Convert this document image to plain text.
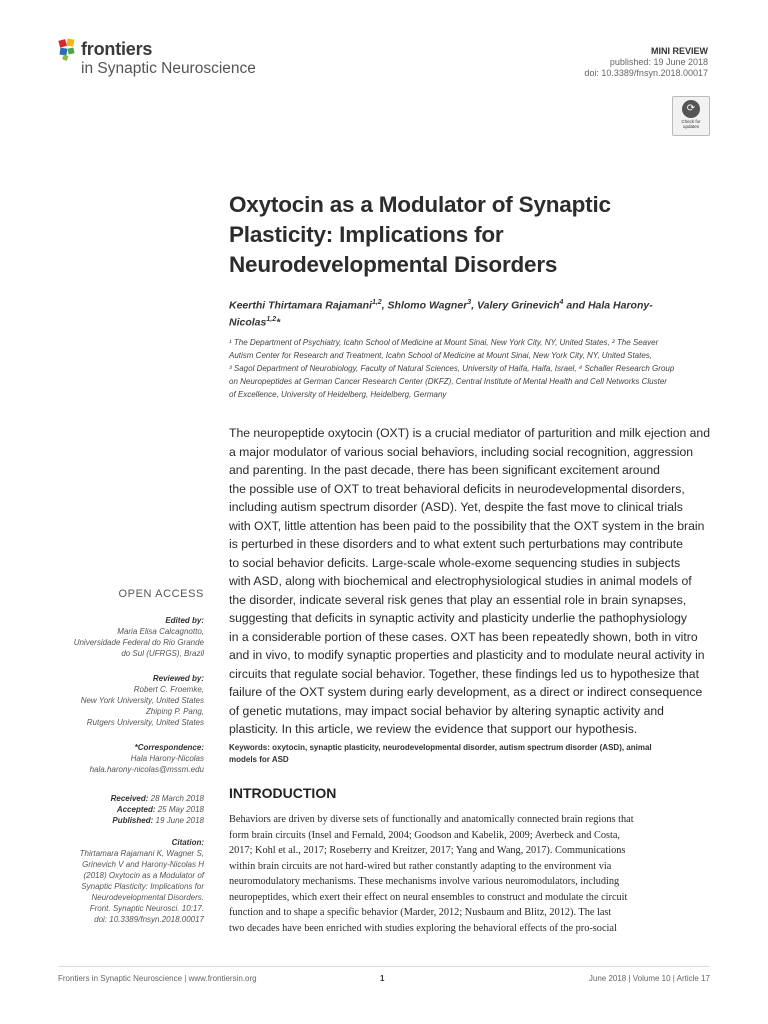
frontiers
in Synaptic Neuroscience
MINI REVIEW
published: 19 June 2018
doi: 10.3389/fnsyn.2018.00017
⟳
Check for updates
Oxytocin as a Modulator of Synaptic
Plasticity: Implications for
Neurodevelopmental Disorders
Keerthi Thirtamara Rajamani$^{1,2}$, Shlomo Wagner$^3$, Valery Grinevich$^4$ and Hala Harony-Nicolas$^{1,2}$*
¹ The Department of Psychiatry, Icahn School of Medicine at Mount Sinai, New York City, NY, United States, ² The Seaver
Autism Center for Research and Treatment, Icahn School of Medicine at Mount Sinai, New York City, NY, United States,
³ Sagol Department of Neurobiology, Faculty of Natural Sciences, University of Haifa, Haifa, Israel, ⁴ Schaller Research Group
on Neuropeptides at German Cancer Research Center (DKFZ), Central Institute of Mental Health and Cell Networks Cluster
of Excellence, University of Heidelberg, Heidelberg, Germany
The neuropeptide oxytocin (OXT) is a crucial mediator of parturition and milk ejection and
a major modulator of various social behaviors, including social recognition, aggression
and parenting. In the past decade, there has been significant excitement around
the possible use of OXT to treat behavioral deficits in neurodevelopmental disorders,
including autism spectrum disorder (ASD). Yet, despite the fast move to clinical trials
with OXT, little attention has been paid to the possibility that the OXT system in the brain
is perturbed in these disorders and to what extent such perturbations may contribute
to social behavior deficits. Large-scale whole-exome sequencing studies in subjects
with ASD, along with biochemical and electrophysiological studies in animal models of
the disorder, indicate several risk genes that play an essential role in brain synapses,
suggesting that deficits in synaptic activity and plasticity underlie the pathophysiology
in a considerable portion of these cases. OXT has been repeatedly shown, both in vitro
and in vivo, to modify synaptic properties and plasticity and to modulate neural activity in
circuits that regulate social behavior. Together, these findings led us to hypothesize that
failure of the OXT system during early development, as a direct or indirect consequence
of genetic mutations, may impact social behavior by altering synaptic activity and
plasticity. In this article, we review the evidence that support our hypothesis.
Keywords: oxytocin, synaptic plasticity, neurodevelopmental disorder, autism spectrum disorder (ASD), animal
models for ASD
INTRODUCTION
Behaviors are driven by diverse sets of functionally and anatomically connected brain regions that
form brain circuits (Insel and Fernald, 2004; Goodson and Kabelik, 2009; Averbeck and Costa,
2017; Kohl et al., 2017; Roseberry and Kreitzer, 2017; Yang and Wang, 2017). Communications
within brain circuits are not hard-wired but rather constantly adapting to the environment via
neuromodulatory mechanisms. These mechanisms involve various neuromodulators, including
neuropeptides, which exert their effect on neural ensembles to construct and modulate the circuit
function and to shape a specific behavior (Marder, 2012; Nusbaum and Blitz, 2012). The last
two decades have been enriched with studies exploring the behavioral effects of the pro-social
OPEN ACCESS
Edited by:
Maria Elisa Calcagnotto,
Universidade Federal do Rio Grande
do Sul (UFRGS), Brazil
Reviewed by:
Robert C. Froemke,
New York University, United States
Zhiping P. Pang,
Rutgers University, United States
*Correspondence:
Hala Harony-Nicolas
hala.harony-nicolas@mssm.edu
Received: 28 March 2018
Accepted: 25 May 2018
Published: 19 June 2018
Citation:
Thirtamara Rajamani K, Wagner S,
Grinevich V and Harony-Nicolas H
(2018) Oxytocin as a Modulator of
Synaptic Plasticity: Implications for
Neurodevelopmental Disorders.
Front. Synaptic Neurosci. 10:17.
doi: 10.3389/fnsyn.2018.00017
Frontiers in Synaptic Neuroscience | www.frontiersin.org	1	June 2018 | Volume 10 | Article 17
